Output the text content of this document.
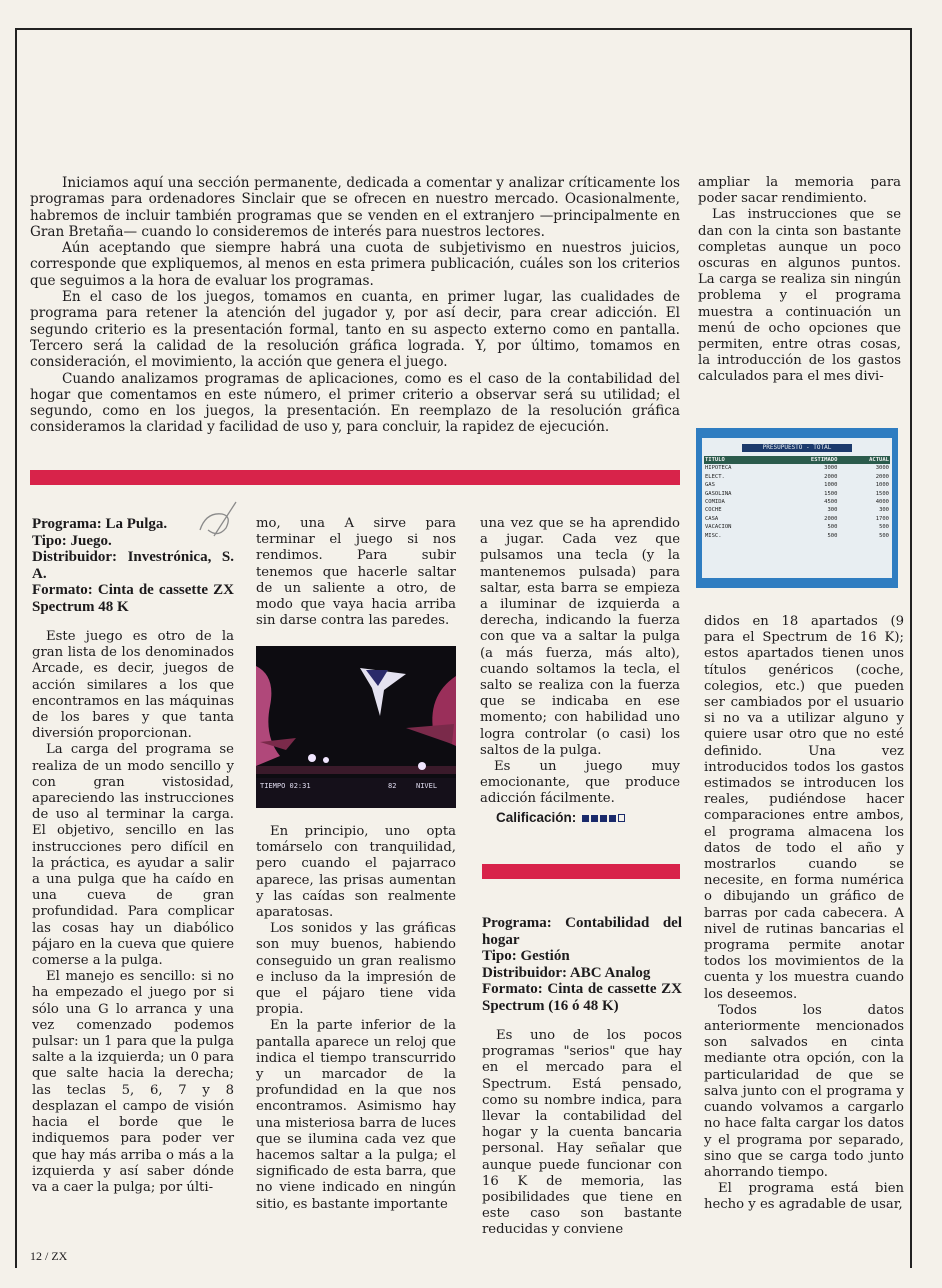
Iniciamos aquí una sección permanente, dedicada a comentar y analizar críticamente los programas para ordenadores Sinclair que se ofrecen en nuestro mercado. Ocasionalmente, habremos de incluir también programas que se venden en el extranjero —principalmente en Gran Bretaña— cuando lo consideremos de interés para nuestros lectores.

Aún aceptando que siempre habrá una cuota de subjetivismo en nuestros juicios, corresponde que expliquemos, al menos en esta primera publicación, cuáles son los criterios que seguimos a la hora de evaluar los programas.

En el caso de los juegos, tomamos en cuanta, en primer lugar, las cualidades de programa para retener la atención del jugador y, por así decir, para crear adicción. El segundo criterio es la presentación formal, tanto en su aspecto externo como en pantalla. Tercero será la calidad de la resolución gráfica lograda. Y, por último, tomamos en consideración, el movimiento, la acción que genera el juego.

Cuando analizamos programas de aplicaciones, como es el caso de la contabilidad del hogar que comentamos en este número, el primer criterio a observar será su utilidad; el segundo, como en los juegos, la presentación. En reemplazo de la resolución gráfica consideramos la claridad y facilidad de uso y, para concluir, la rapidez de ejecución.

ampliar la memoria para poder sacar rendimiento.

Las instrucciones que se dan con la cinta son bastante completas aunque un poco oscuras en algunos puntos. La carga se realiza sin ningún problema y el programa muestra a continuación un menú de ocho opciones que permiten, entre otras cosas, la introducción de los gastos calculados para el mes divi-

Programa: La Pulga.
Tipo: Juego.
Distribuidor: Investrónica, S. A.
Formato: Cinta de cassette ZX Spectrum 48 K

Este juego es otro de la gran lista de los denominados Arcade, es decir, juegos de acción similares a los que encontramos en las máquinas de los bares y que tanta diversión proporcionan.

La carga del programa se realiza de un modo sencillo y con gran vistosidad, apareciendo las instrucciones de uso al terminar la carga. El objetivo, sencillo en las instrucciones pero difícil en la práctica, es ayudar a salir a una pulga que ha caído en una cueva de gran profundidad. Para complicar las cosas hay un diabólico pájaro en la cueva que quiere comerse a la pulga.

El manejo es sencillo: si no ha empezado el juego por si sólo una G lo arranca y una vez comenzado podemos pulsar: un 1 para que la pulga salte a la izquierda; un 0 para que salte hacia la derecha; las teclas 5, 6, 7 y 8 desplazan el campo de visión hacia el borde que le indiquemos para poder ver que hay más arriba o más a la izquierda y así saber dónde va a caer la pulga; por últi-

mo, una A sirve para terminar el juego si nos rendimos. Para subir tenemos que hacerle saltar de un saliente a otro, de modo que vaya hacia arriba sin darse contra las paredes.

TIEMPO 02:31	82	NIVEL

En principio, uno opta tomárselo con tranquilidad, pero cuando el pajarraco aparece, las prisas aumentan y las caídas son realmente aparatosas.

Los sonidos y las gráficas son muy buenos, habiendo conseguido un gran realismo e incluso da la impresión de que el pájaro tiene vida propia.

En la parte inferior de la pantalla aparece un reloj que indica el tiempo transcurrido y un marcador de la profundidad en la que nos encontramos. Asimismo hay una misteriosa barra de luces que se ilumina cada vez que hacemos saltar a la pulga; el significado de esta barra, que no viene indicado en ningún sitio, es bastante importante

una vez que se ha aprendido a jugar. Cada vez que pulsamos una tecla (y la mantenemos pulsada) para saltar, esta barra se empieza a iluminar de izquierda a derecha, indicando la fuerza con que va a saltar la pulga (a más fuerza, más alto), cuando soltamos la tecla, el salto se realiza con la fuerza que se indicaba en ese momento; con habilidad uno logra controlar (o casi) los saltos de la pulga.

Es un juego muy emocionante, que produce adicción fácilmente.

Calificación:
Programa: Contabilidad del hogar
Tipo: Gestión
Distribuidor: ABC Analog
Formato: Cinta de cassette ZX Spectrum (16 ó 48 K)

Es uno de los pocos programas "serios" que hay en el mercado para el Spectrum. Está pensado, como su nombre indica, para llevar la contabilidad del hogar y la cuenta bancaria personal. Hay señalar que aunque puede funcionar con 16 K de memoria, las posibilidades que tiene en este caso son bastante reducidas y conviene

PRESUPUESTO - TOTAL
TITULO	ESTIMADO	ACTUAL
HIPOTECA	3000	3000
ELECT.	2000	2000
GAS	1000	1000
GASOLINA	1500	1500
COMIDA	4500	4000
COCHE	300	300
CASA	2000	1700
VACACION	500	500
MISC.	500	500

didos en 18 apartados (9 para el Spectrum de 16 K); estos apartados tienen unos títulos genéricos (coche, colegios, etc.) que pueden ser cambiados por el usuario si no va a utilizar alguno y quiere usar otro que no esté definido. Una vez introducidos todos los gastos estimados se introducen los reales, pudiéndose hacer comparaciones entre ambos, el programa almacena los datos de todo el año y mostrarlos cuando se necesite, en forma numérica o dibujando un gráfico de barras por cada cabecera. A nivel de rutinas bancarias el programa permite anotar todos los movimientos de la cuenta y los muestra cuando los deseemos.

Todos los datos anteriormente mencionados son salvados en cinta mediante otra opción, con la particularidad de que se salva junto con el programa y cuando volvamos a cargarlo no hace falta cargar los datos y el programa por separado, sino que se carga todo junto ahorrando tiempo.

El programa está bien hecho y es agradable de usar,

12 / ZX
